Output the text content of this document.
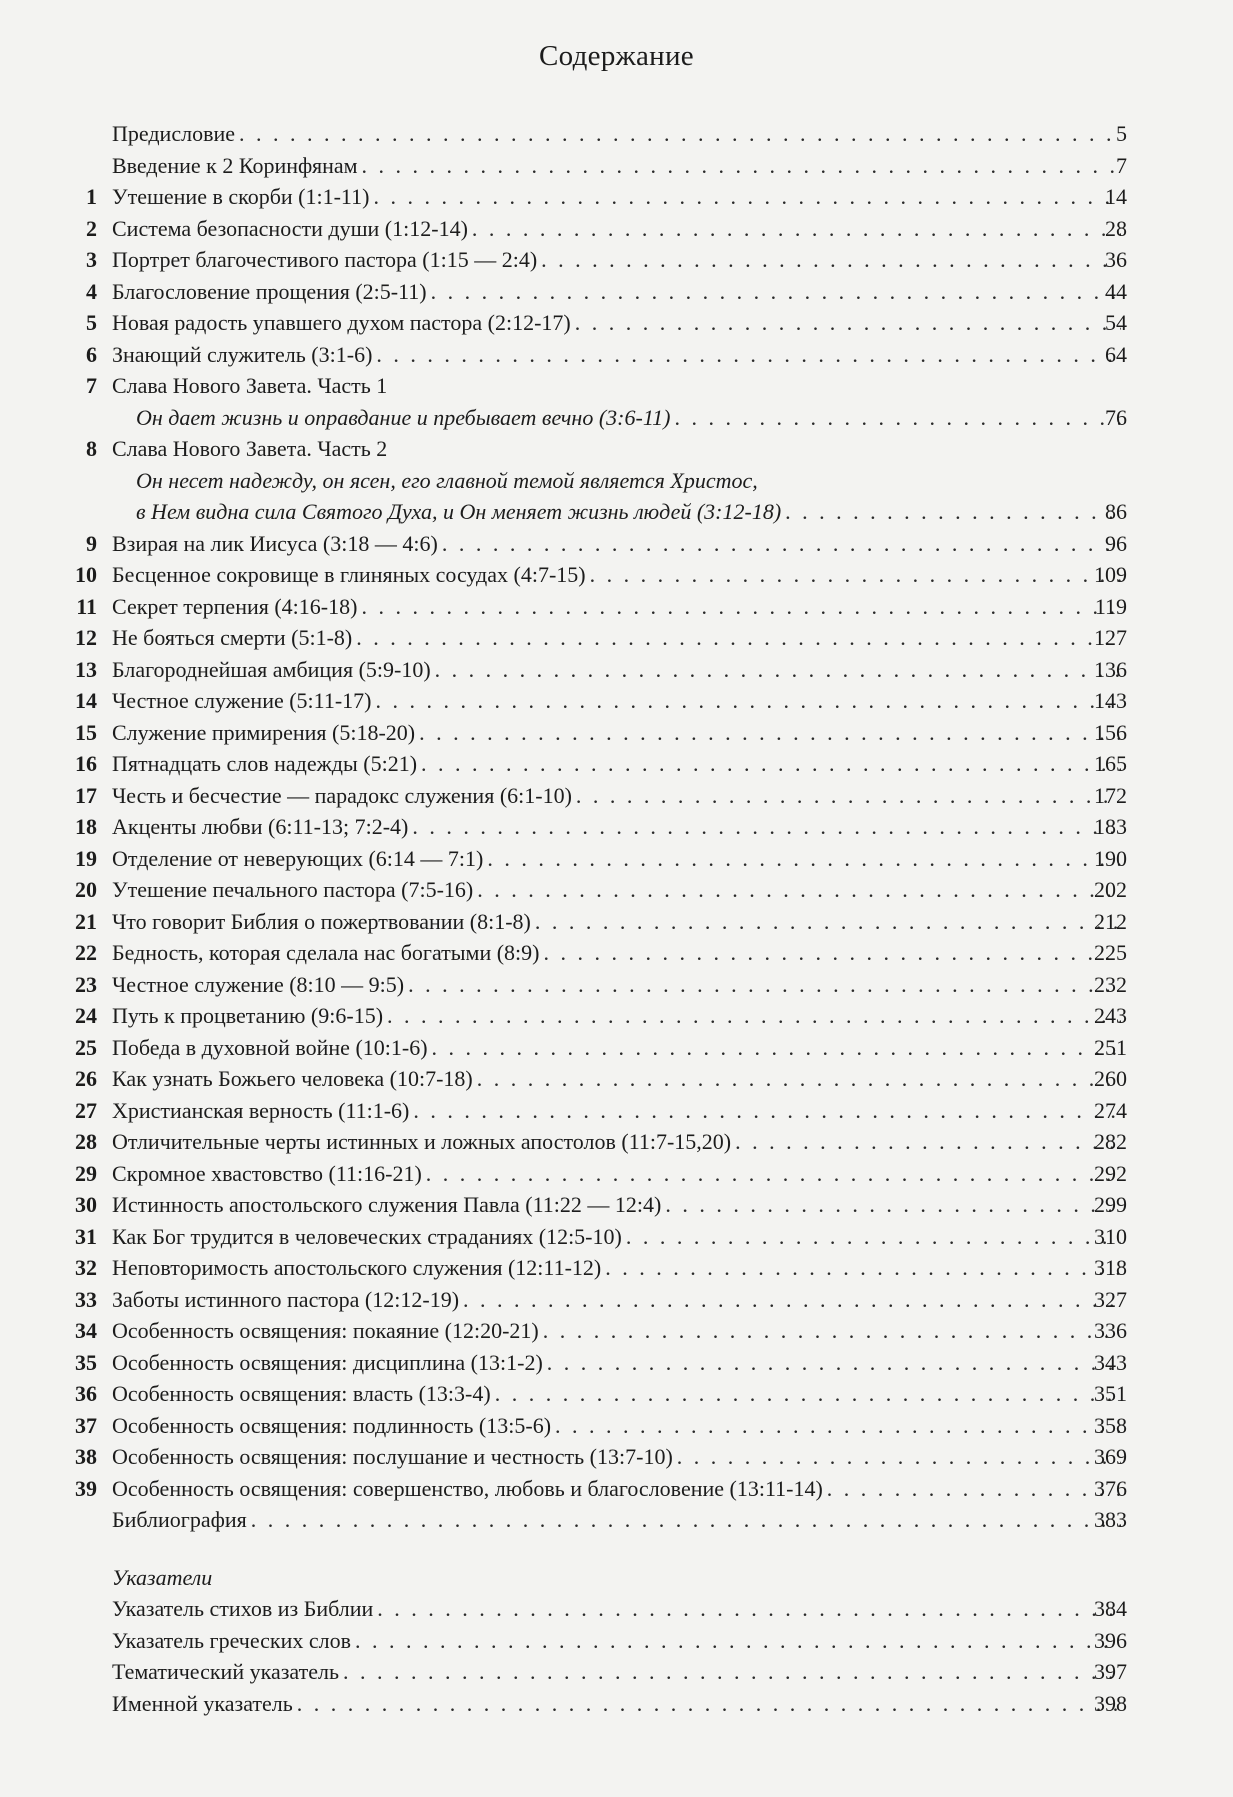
Содержание
Предисловие . . .	5
Введение к 2 Коринфянам . . .	7
1 Утешение в скорби (1:1-11) . . .	14
2 Система безопасности души (1:12-14) . . .	28
3 Портрет благочестивого пастора (1:15 — 2:4) . . .	36
4 Благословение прощения (2:5-11) . . .	44
5 Новая радость упавшего духом пастора (2:12-17) . . .	54
6 Знающий служитель (3:1-6) . . .	64
7 Слава Нового Завета. Часть 1
Он дает жизнь и оправдание и пребывает вечно (3:6-11) . . .	76
8 Слава Нового Завета. Часть 2
Он несет надежду, он ясен, его главной темой является Христос,
в Нем видна сила Святого Духа, и Он меняет жизнь людей (3:12-18) . . .	86
9 Взирая на лик Иисуса (3:18 — 4:6) . . .	96
10 Бесценное сокровище в глиняных сосудах (4:7-15) . . .	109
11 Секрет терпения (4:16-18) . . .	119
12 Не бояться смерти (5:1-8) . . .	127
13 Благороднейшая амбиция (5:9-10) . . .	136
14 Честное служение (5:11-17) . . .	143
15 Служение примирения (5:18-20) . . .	156
16 Пятнадцать слов надежды (5:21) . . .	165
17 Честь и бесчестие — парадокс служения (6:1-10) . . .	172
18 Акценты любви (6:11-13; 7:2-4) . . .	183
19 Отделение от неверующих (6:14 — 7:1) . . .	190
20 Утешение печального пастора (7:5-16) . . .	202
21 Что говорит Библия о пожертвовании (8:1-8) . . .	212
22 Бедность, которая сделала нас богатыми (8:9) . . .	225
23 Честное служение (8:10 — 9:5) . . .	232
24 Путь к процветанию (9:6-15) . . .	243
25 Победа в духовной войне (10:1-6) . . .	251
26 Как узнать Божьего человека (10:7-18) . . .	260
27 Христианская верность (11:1-6) . . .	274
28 Отличительные черты истинных и ложных апостолов (11:7-15,20) . . .	282
29 Скромное хвастовство (11:16-21) . . .	292
30 Истинность апостольского служения Павла (11:22 — 12:4) . . .	299
31 Как Бог трудится в человеческих страданиях (12:5-10) . . .	310
32 Неповторимость апостольского служения (12:11-12) . . .	318
33 Заботы истинного пастора (12:12-19) . . .	327
34 Особенность освящения: покаяние (12:20-21) . . .	336
35 Особенность освящения: дисциплина (13:1-2) . . .	343
36 Особенность освящения: власть (13:3-4) . . .	351
37 Особенность освящения: подлинность (13:5-6) . . .	358
38 Особенность освящения: послушание и честность (13:7-10) . . .	369
39 Особенность освящения: совершенство, любовь и благословение (13:11-14) . . .	376
Библиография . . .	383
Указатели
Указатель стихов из Библии . . .	384
Указатель греческих слов . . .	396
Тематический указатель . . .	397
Именной указатель . . .	398
